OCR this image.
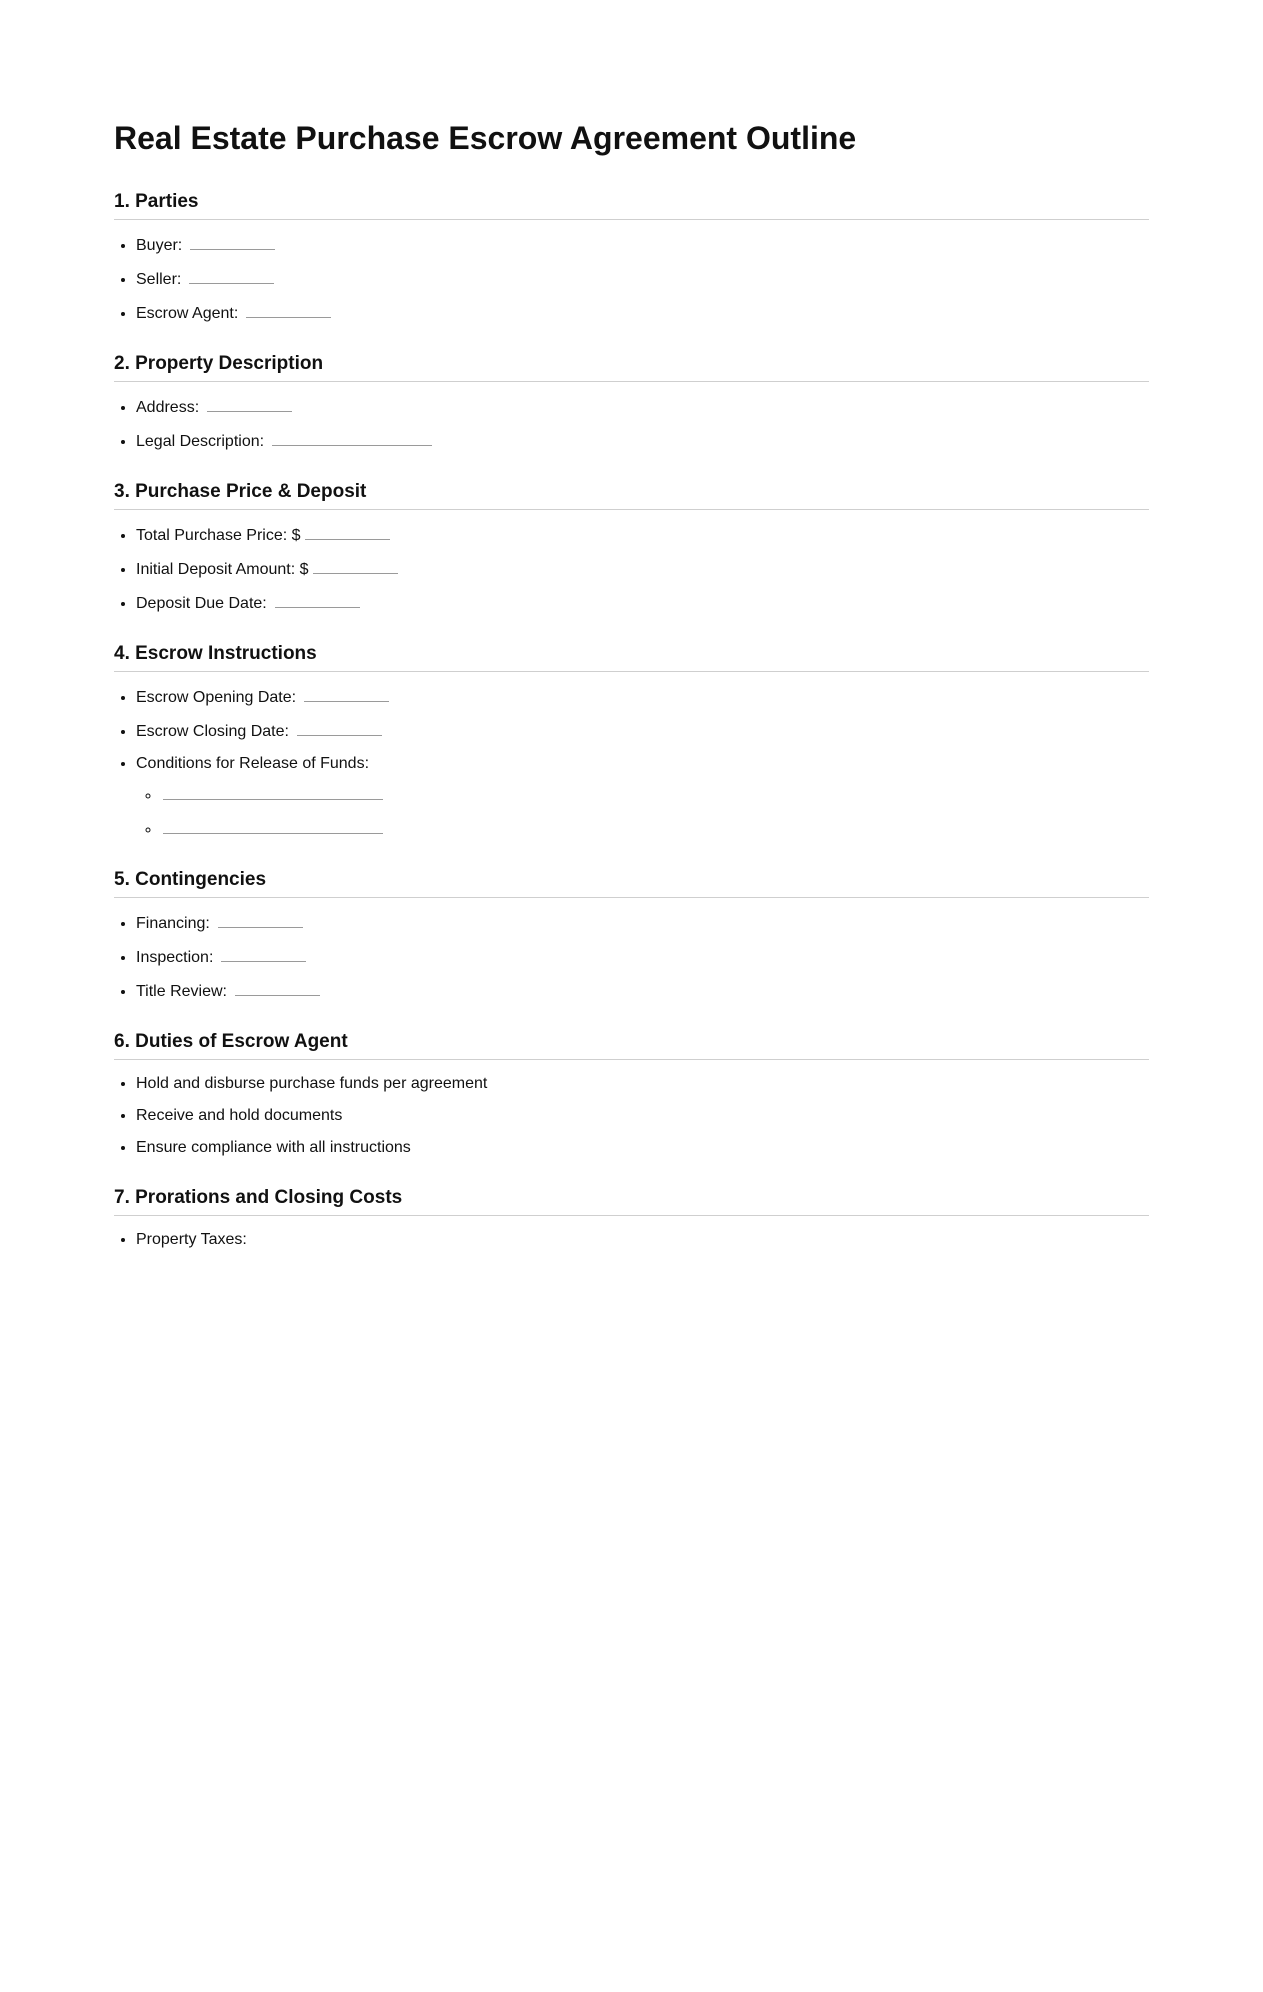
Real Estate Purchase Escrow Agreement Outline
1. Parties
• Buyer:
• Seller:
• Escrow Agent:
2. Property Description
• Address:
• Legal Description:
3. Purchase Price & Deposit
• Total Purchase Price: $
• Initial Deposit Amount: $
• Deposit Due Date:
4. Escrow Instructions
• Escrow Opening Date:
• Escrow Closing Date:
• Conditions for Release of Funds:
◦
◦
5. Contingencies
• Financing:
• Inspection:
• Title Review:
6. Duties of Escrow Agent
• Hold and disburse purchase funds per agreement
• Receive and hold documents
• Ensure compliance with all instructions
7. Prorations and Closing Costs
• Property Taxes:
